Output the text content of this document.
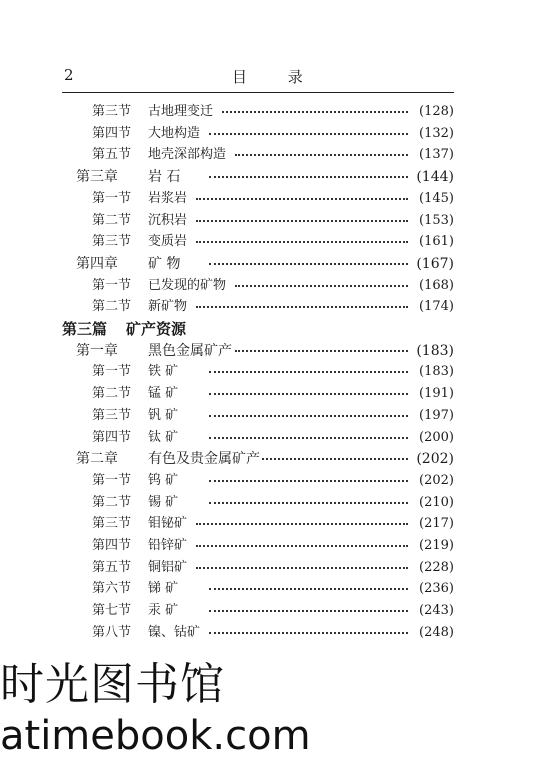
2	目 录
第三节 古地理变迁	(128)
第四节 大地构造	(132)
第五节 地壳深部构造	(137)
第三章 岩 石	(144)
第一节 岩浆岩	(145)
第二节 沉积岩	(153)
第三节 变质岩	(161)
第四章 矿 物	(167)
第一节 已发现的矿物	(168)
第二节 新矿物	(174)
第三篇 矿产资源
第一章 黑色金属矿产	(183)
第一节 铁 矿	(183)
第二节 锰 矿	(191)
第三节 钒 矿	(197)
第四节 钛 矿	(200)
第二章 有色及贵金属矿产	(202)
第一节 钨 矿	(202)
第二节 锡 矿	(210)
第三节 钼铋矿	(217)
第四节 铅锌矿	(219)
第五节 铜铝矿	(228)
第六节 锑 矿	(236)
第七节 汞 矿	(243)
第八节 镍、钴矿	(248)
时光图书馆
atimebook.com
